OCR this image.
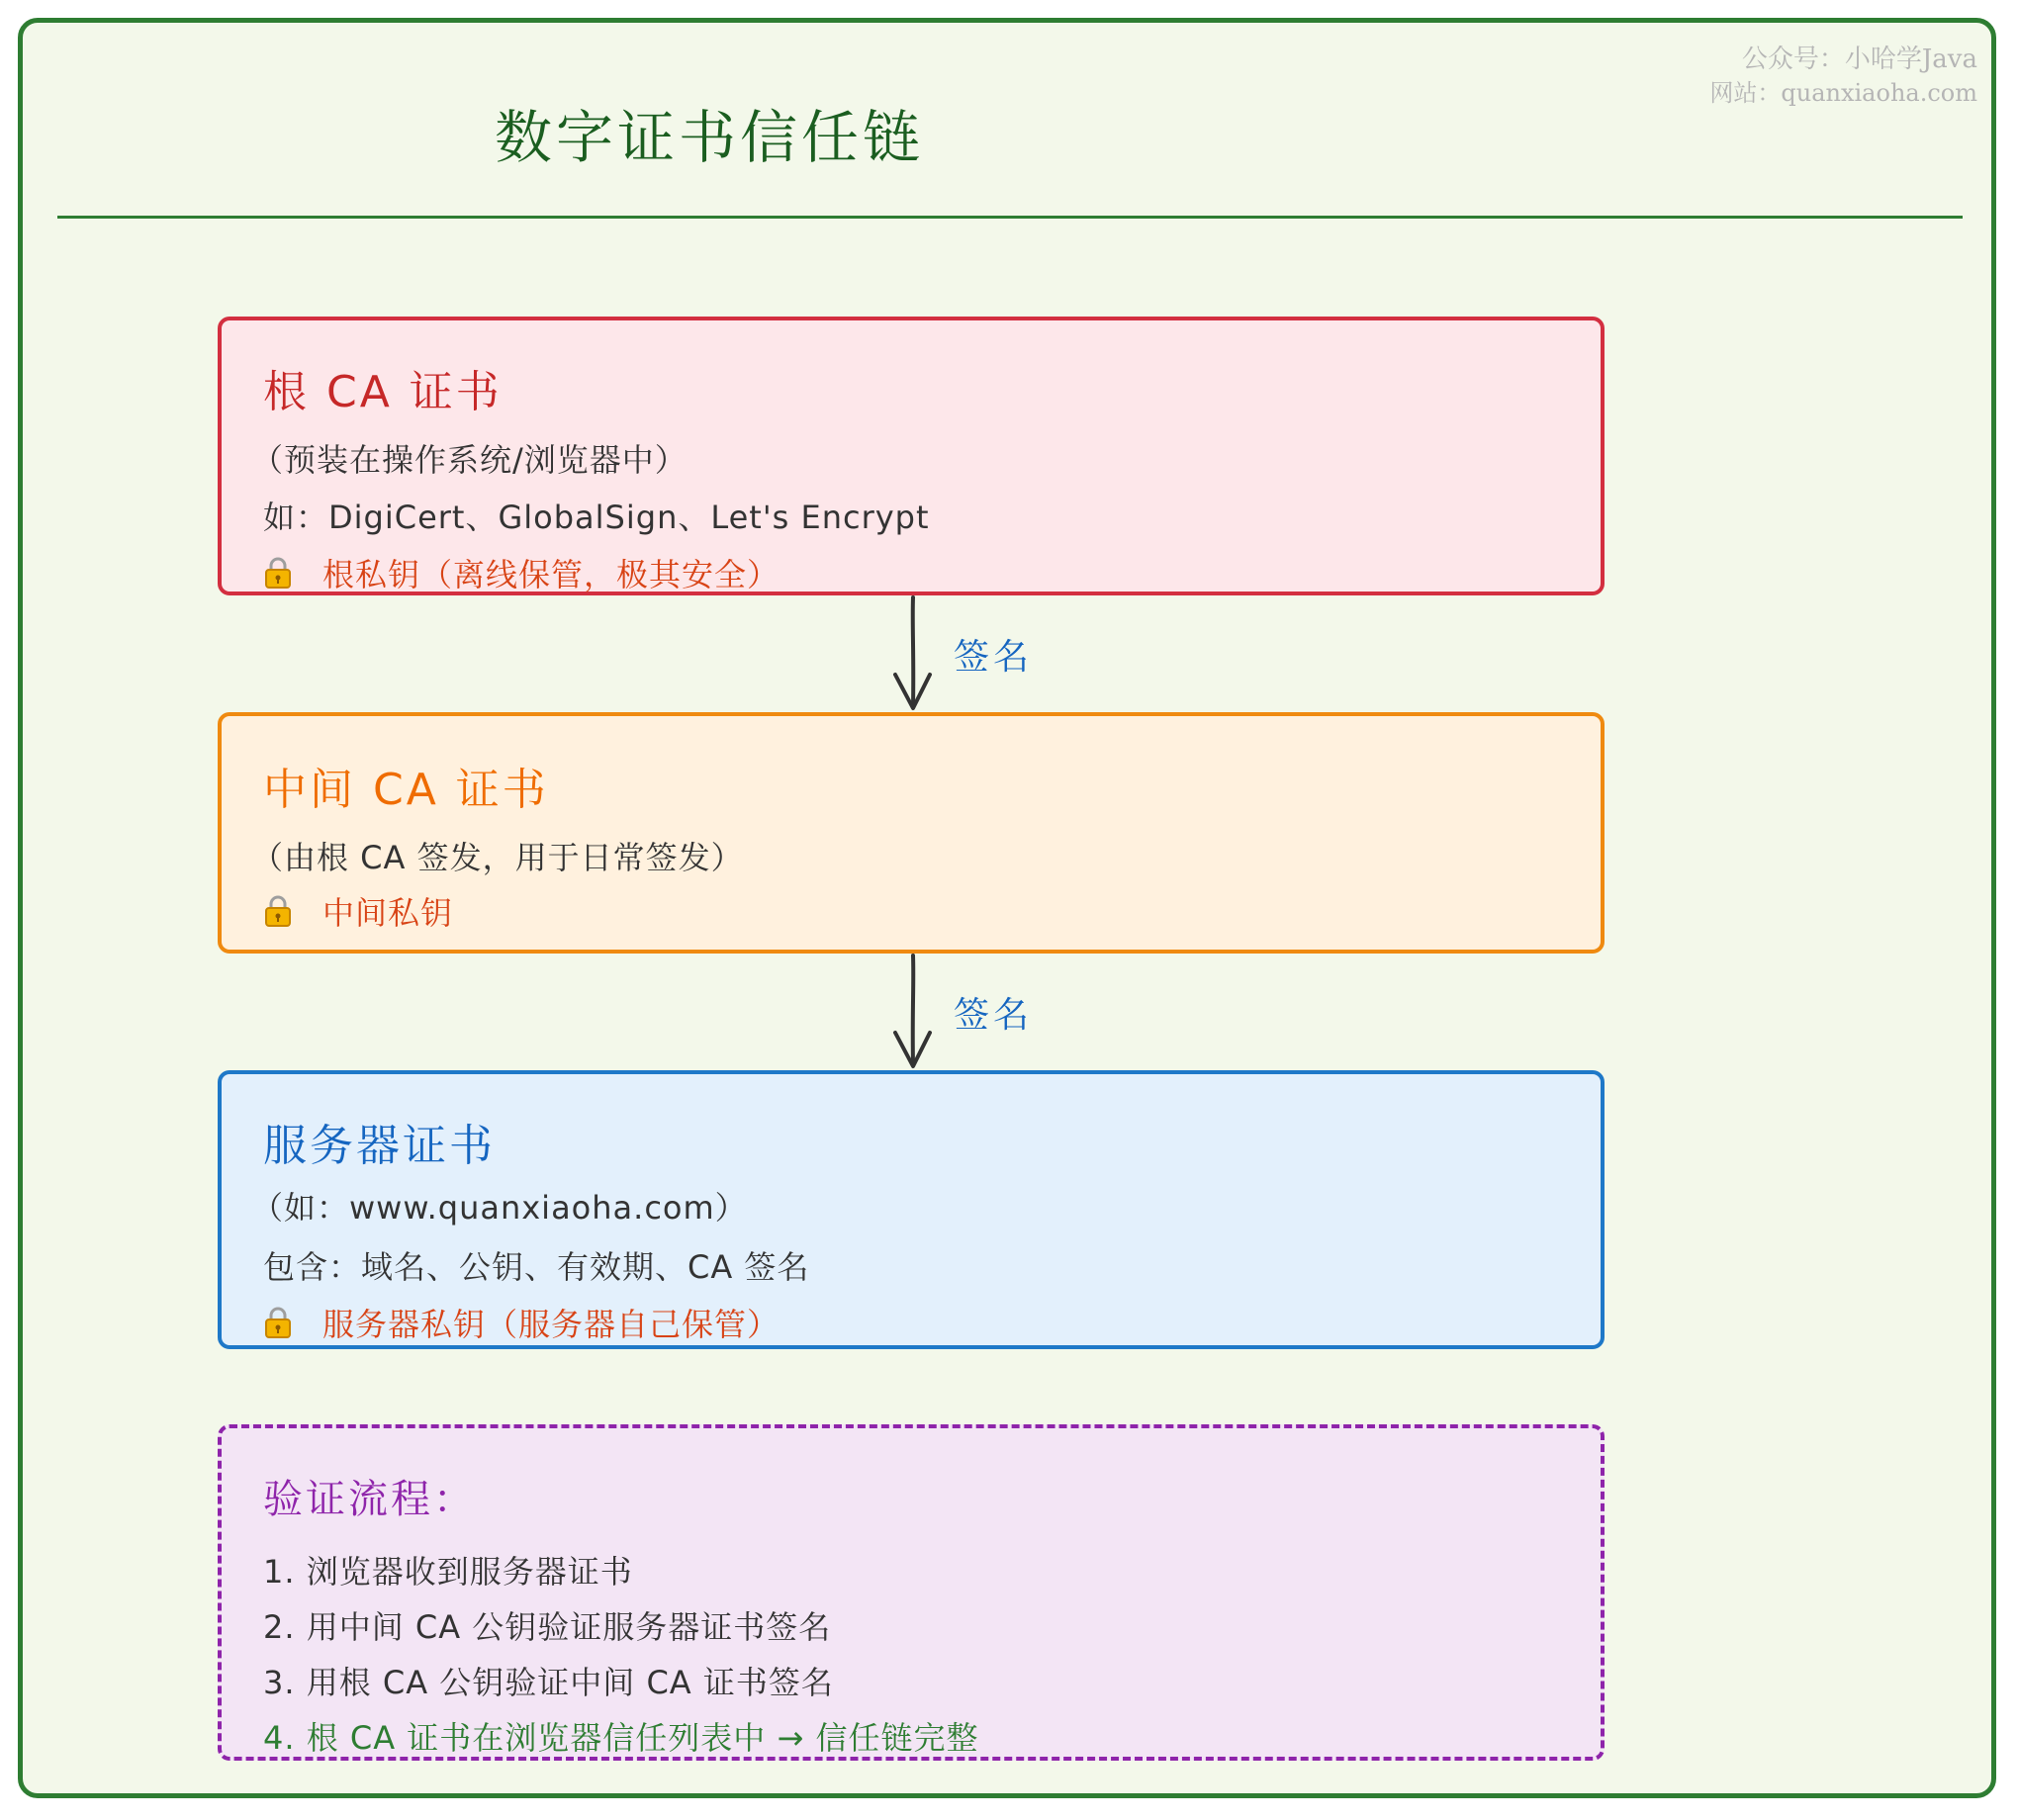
公众号：小哈学Java
网站：quanxiaoha.com
数字证书信任链
根 CA 证书
（预装在操作系统/浏览器中）
如：DigiCert、GlobalSign、Let's Encrypt
根私钥（离线保管，极其安全）
签名
中间 CA 证书
（由根 CA 签发，用于日常签发）
中间私钥
签名
服务器证书
（如：www.quanxiaoha.com）
包含：域名、公钥、有效期、CA 签名
服务器私钥（服务器自己保管）
验证流程：
1. 浏览器收到服务器证书
2. 用中间 CA 公钥验证服务器证书签名
3. 用根 CA 公钥验证中间 CA 证书签名
4. 根 CA 证书在浏览器信任列表中 → 信任链完整
